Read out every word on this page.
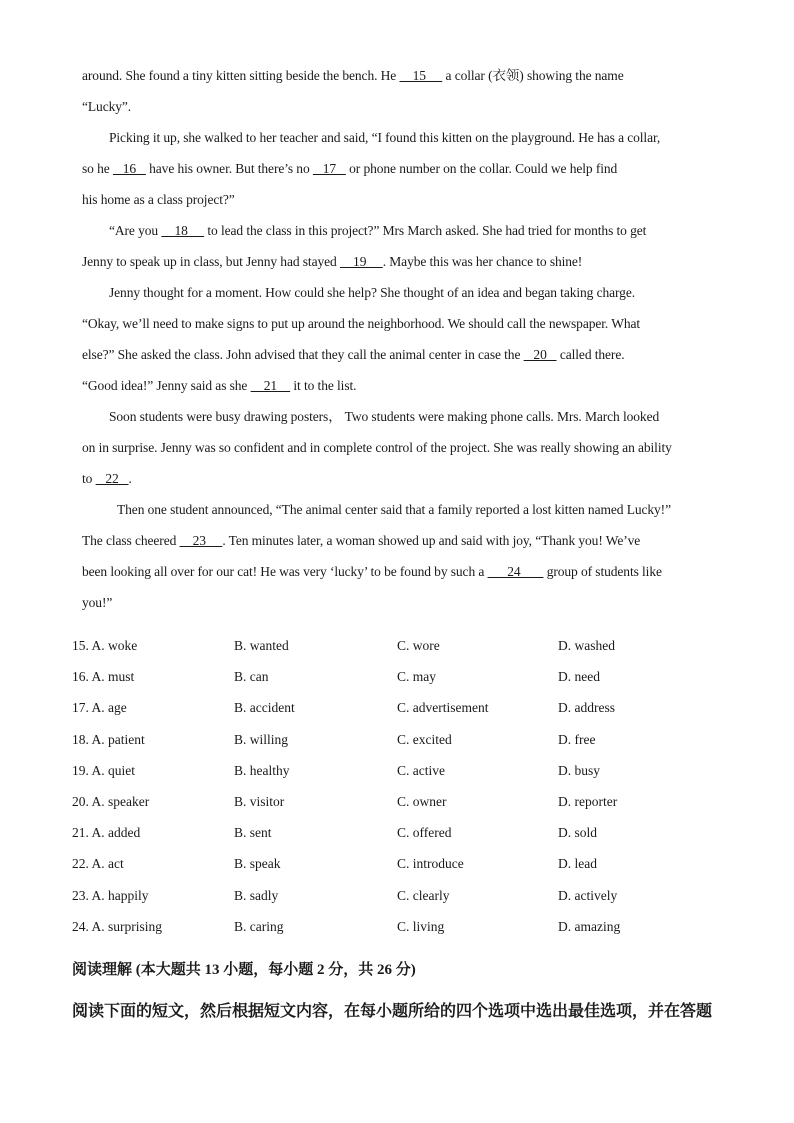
around. She found a tiny kitten sitting beside the bench. He     15      a collar (衣领) showing the name
“Lucky”.
Picking it up, she walked to her teacher and said, “I found this kitten on the playground. He has a collar,
so he    16    have his owner. But there’s no    17    or phone number on the collar. Could we help find
his home as a class project?”
“Are you     18      to lead the class in this project?” Mrs March asked. She had tried for months to get
Jenny to speak up in class, but Jenny had stayed     19     . Maybe this was her chance to shine!
Jenny thought for a moment. How could she help? She thought of an idea and began taking charge.
“Okay, we’ll need to make signs to put up around the neighborhood. We should call the newspaper. What
else?” She asked the class. John advised that they call the animal center in case the    20    called there.
“Good idea!” Jenny said as she     21     it to the list.
Soon students were busy drawing posters， Two students were making phone calls. Mrs. March looked
on in surprise. Jenny was so confident and in complete control of the project. She was really showing an ability
to    22   .
Then one student announced, “The animal center said that a family reported a lost kitten named Lucky!”
The class cheered     23     . Ten minutes later, a woman showed up and said with joy, “Thank you! We’ve
been looking all over for our cat! He was very ‘lucky’ to be found by such a       24        group of students like
you!”
15. A. woke	B. wanted	C. wore	D. washed
16. A. must	B. can	C. may	D. need
17. A. age	B. accident	C. advertisement	D. address
18. A. patient	B. willing	C. excited	D. free
19. A. quiet	B. healthy	C. active	D. busy
20. A. speaker	B. visitor	C. owner	D. reporter
21. A. added	B. sent	C. offered	D. sold
22. A. act	B. speak	C. introduce	D. lead
23. A. happily	B. sadly	C. clearly	D. actively
24. A. surprising	B. caring	C. living	D. amazing
阅读理解 (本大题共 13 小题，每小题 2 分，共 26 分)
阅读下面的短文，然后根据短文内容，在每小题所给的四个选项中选出最佳选项，并在答题
